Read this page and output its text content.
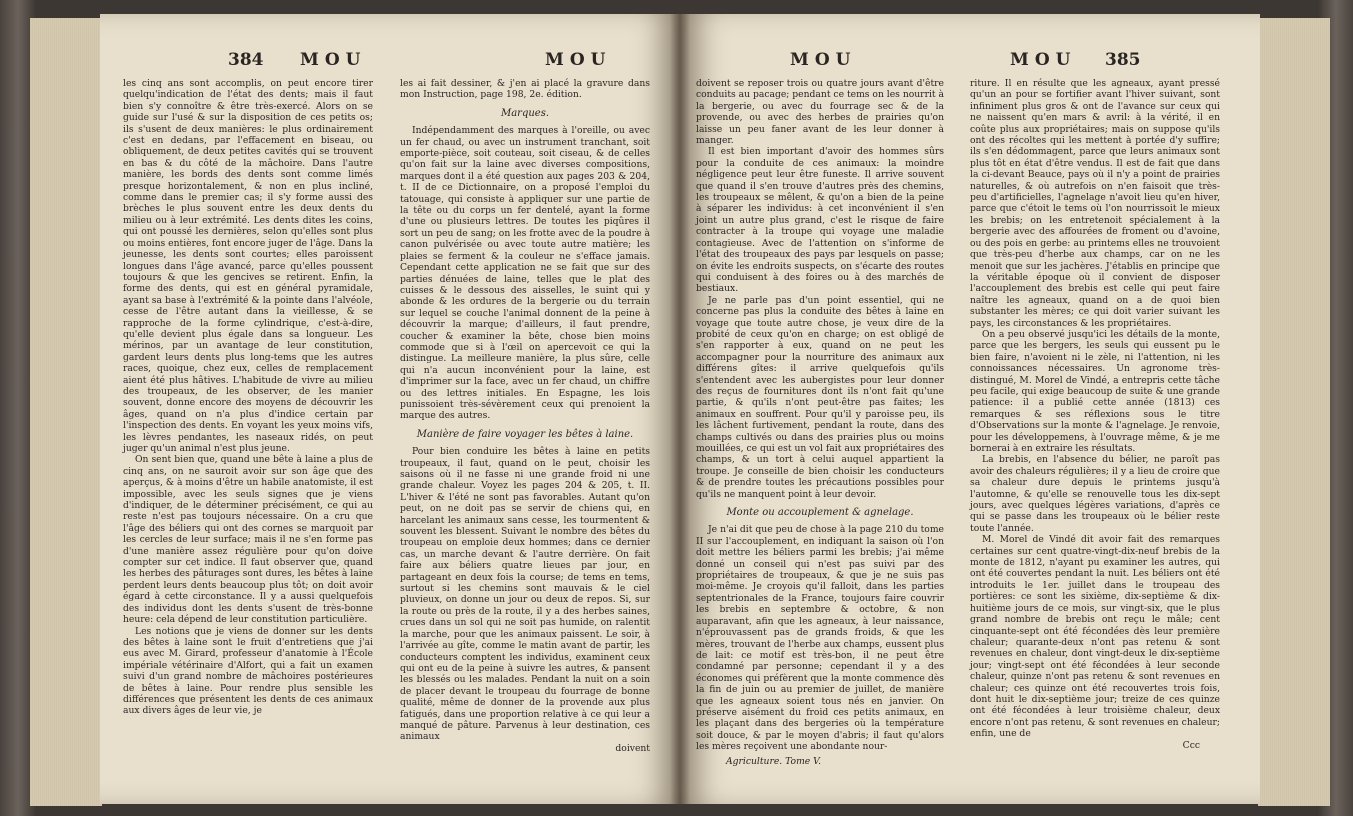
384 MOU	MOU

les cinq ans sont accomplis, on peut encore tirer quelqu'indication de l'état des dents; mais il faut bien s'y connoître & être très-exercé. Alors on se guide sur l'usé & sur la disposition de ces petits os; ils s'usent de deux manières: le plus ordinairement c'est en dedans, par l'effacement en biseau, ou obliquement, de deux petites cavités qui se trouvent en bas & du côté de la mâchoire. Dans l'autre manière, les bords des dents sont comme limés presque horizontalement, & non en plus incliné, comme dans le premier cas; il s'y forme aussi des brèches le plus souvent entre les deux dents du milieu ou à leur extrémité. Les dents dites les coins, qui ont poussé les dernières, selon qu'elles sont plus ou moins entières, font encore juger de l'âge. Dans la jeunesse, les dents sont courtes; elles paroissent longues dans l'âge avancé, parce qu'elles poussent toujours & que les gencives se retirent. Enfin, la forme des dents, qui est en général pyramidale, ayant sa base à l'extrémité & la pointe dans l'alvéole, cesse de l'être autant dans la vieillesse, & se rapproche de la forme cylindrique, c'est-à-dire, qu'elle devient plus égale dans sa longueur. Les mérinos, par un avantage de leur constitution, gardent leurs dents plus long-tems que les autres races, quoique, chez eux, celles de remplacement aient été plus hâtives. L'habitude de vivre au milieu des troupeaux, de les observer, de les manier souvent, donne encore des moyens de découvrir les âges, quand on n'a plus d'indice certain par l'inspection des dents. En voyant les yeux moins vifs, les lèvres pendantes, les naseaux ridés, on peut juger qu'un animal n'est plus jeune.

On sent bien que, quand une bête à laine a plus de cinq ans, on ne sauroit avoir sur son âge que des aperçus, & à moins d'être un habile anatomiste, il est impossible, avec les seuls signes que je viens d'indiquer, de le déterminer précisément, ce qui au reste n'est pas toujours nécessaire. On a cru que l'âge des béliers qui ont des cornes se marquoit par les cercles de leur surface; mais il ne s'en forme pas d'une manière assez régulière pour qu'on doive compter sur cet indice. Il faut observer que, quand les herbes des pâturages sont dures, les bêtes à laine perdent leurs dents beaucoup plus tôt; on doit avoir égard à cette circonstance. Il y a aussi quelquefois des individus dont les dents s'usent de très-bonne heure: cela dépend de leur constitution particulière.

Les notions que je viens de donner sur les dents des bêtes à laine sont le fruit d'entretiens que j'ai eus avec M. Girard, professeur d'anatomie à l'École impériale vétérinaire d'Alfort, qui a fait un examen suivi d'un grand nombre de mâchoires postérieures de bêtes à laine. Pour rendre plus sensible les différences que présentent les dents de ces animaux aux divers âges de leur vie, je

les ai fait dessiner, & j'en ai placé la gravure dans mon Instruction, page 198, 2e. édition.

Marques.

Indépendamment des marques à l'oreille, ou avec un fer chaud, ou avec un instrument tranchant, soit emporte-pièce, soit couteau, soit ciseau, & de celles qu'on fait sur la laine avec diverses compositions, marques dont il a été question aux pages 203 & 204, t. II de ce Dictionnaire, on a proposé l'emploi du tatouage, qui consiste à appliquer sur une partie de la tête ou du corps un fer dentelé, ayant la forme d'une ou plusieurs lettres. De toutes les piqûres il sort un peu de sang; on les frotte avec de la poudre à canon pulvérisée ou avec toute autre matière; les plaies se ferment & la couleur ne s'efface jamais. Cependant cette application ne se fait que sur des parties dénuées de laine, telles que le plat des cuisses & le dessous des aisselles, le suint qui y abonde & les ordures de la bergerie ou du terrain sur lequel se couche l'animal donnent de la peine à découvrir la marque; d'ailleurs, il faut prendre, coucher & examiner la bête, chose bien moins commode que si à l'œil on apercevoit ce qui la distingue. La meilleure manière, la plus sûre, celle qui n'a aucun inconvénient pour la laine, est d'imprimer sur la face, avec un fer chaud, un chiffre ou des lettres initiales. En Espagne, les lois punissoient très-sévèrement ceux qui prenoient la marque des autres.

Manière de faire voyager les bêtes à laine.

Pour bien conduire les bêtes à laine en petits troupeaux, il faut, quand on le peut, choisir les saisons où il ne fasse ni une grande froid ni une grande chaleur. Voyez les pages 204 & 205, t. II. L'hiver & l'été ne sont pas favorables. Autant qu'on peut, on ne doit pas se servir de chiens qui, en harcelant les animaux sans cesse, les tourmentent & souvent les blessent. Suivant le nombre des bêtes du troupeau on emploie deux hommes; dans ce dernier cas, un marche devant & l'autre derrière. On fait faire aux béliers quatre lieues par jour, en partageant en deux fois la course; de tems en tems, surtout si les chemins sont mauvais & le ciel pluvieux, on donne un jour ou deux de repos. Si, sur la route ou près de la route, il y a des herbes saines, crues dans un sol qui ne soit pas humide, on ralentit la marche, pour que les animaux paissent. Le soir, à l'arrivée au gîte, comme le matin avant de partir, les conducteurs comptent les individus, examinent ceux qui ont eu de la peine à suivre les autres, & pansent les blessés ou les malades. Pendant la nuit on a soin de placer devant le troupeau du fourrage de bonne qualité, même de donner de la provende aux plus fatigués, dans une proportion relative à ce qui leur a manqué de pâture. Parvenus à leur destination, ces animaux

doivent
MOU	MOU 385

doivent se reposer trois ou quatre jours avant d'être conduits au pacage; pendant ce tems on les nourrit à la bergerie, ou avec du fourrage sec & de la provende, ou avec des herbes de prairies qu'on laisse un peu faner avant de les leur donner à manger.

Il est bien important d'avoir des hommes sûrs pour la conduite de ces animaux: la moindre négligence peut leur être funeste. Il arrive souvent que quand il s'en trouve d'autres près des chemins, les troupeaux se mêlent, & qu'on a bien de la peine à séparer les individus: à cet inconvénient il s'en joint un autre plus grand, c'est le risque de faire contracter à la troupe qui voyage une maladie contagieuse. Avec de l'attention on s'informe de l'état des troupeaux des pays par lesquels on passe; on évite les endroits suspects, on s'écarte des routes qui conduisent à des foires ou à des marchés de bestiaux.

Je ne parle pas d'un point essentiel, qui ne concerne pas plus la conduite des bêtes à laine en voyage que toute autre chose, je veux dire de la probité de ceux qu'on en charge; on est obligé de s'en rapporter à eux, quand on ne peut les accompagner pour la nourriture des animaux aux différens gîtes: il arrive quelquefois qu'ils s'entendent avec les aubergistes pour leur donner des reçus de fournitures dont ils n'ont fait qu'une partie, & qu'ils n'ont peut-être pas faites; les animaux en souffrent. Pour qu'il y paroisse peu, ils les lâchent furtivement, pendant la route, dans des champs cultivés ou dans des prairies plus ou moins mouillées, ce qui est un vol fait aux propriétaires des champs, & un tort à celui auquel appartient la troupe. Je conseille de bien choisir les conducteurs & de prendre toutes les précautions possibles pour qu'ils ne manquent point à leur devoir.

Monte ou accouplement & agnelage.

Je n'ai dit que peu de chose à la page 210 du tome II sur l'accouplement, en indiquant la saison où l'on doit mettre les béliers parmi les brebis; j'ai même donné un conseil qui n'est pas suivi par des propriétaires de troupeaux, & que je ne suis pas moi-même. Je croyois qu'il falloit, dans les parties septentrionales de la France, toujours faire couvrir les brebis en septembre & octobre, & non auparavant, afin que les agneaux, à leur naissance, n'éprouvassent pas de grands froids, & que les mères, trouvant de l'herbe aux champs, eussent plus de lait: ce motif est très-bon, il ne peut être condamné par personne; cependant il y a des économes qui préfèrent que la monte commence dès la fin de juin ou au premier de juillet, de manière que les agneaux soient tous nés en janvier. On préserve aisément du froid ces petits animaux, en les plaçant dans des bergeries où la température soit douce, & par le moyen d'abris; il faut qu'alors les mères reçoivent une abondante nour-

Agriculture. Tome V.

riture. Il en résulte que les agneaux, ayant pressé qu'un an pour se fortifier avant l'hiver suivant, sont infiniment plus gros & ont de l'avance sur ceux qui ne naissent qu'en mars & avril: à la vérité, il en coûte plus aux propriétaires; mais on suppose qu'ils ont des récoltes qui les mettent à portée d'y suffire; ils s'en dédommagent, parce que leurs animaux sont plus tôt en état d'être vendus. Il est de fait que dans la ci-devant Beauce, pays où il n'y a point de prairies naturelles, & où autrefois on n'en faisoit que très-peu d'artificielles, l'agnelage n'avoit lieu qu'en hiver, parce que c'étoit le tems où l'on nourrissoit le mieux les brebis; on les entretenoit spécialement à la bergerie avec des affourées de froment ou d'avoine, ou des pois en gerbe: au printems elles ne trouvoient que très-peu d'herbe aux champs, car on ne les menoit que sur les jachères. J'établis en principe que la véritable époque où il convient de disposer l'accouplement des brebis est celle qui peut faire naître les agneaux, quand on a de quoi bien substanter les mères; ce qui doit varier suivant les pays, les circonstances & les propriétaires.

On a peu observé jusqu'ici les détails de la monte, parce que les bergers, les seuls qui eussent pu le bien faire, n'avoient ni le zèle, ni l'attention, ni les connoissances nécessaires. Un agronome très-distingué, M. Morel de Vindé, a entrepris cette tâche peu facile, qui exige beaucoup de suite & une grande patience: il a publié cette année (1813) ces remarques & ses réflexions sous le titre d'Observations sur la monte & l'agnelage. Je renvoie, pour les développemens, à l'ouvrage même, & je me bornerai à en extraire les résultats.

La brebis, en l'absence du bélier, ne paroît pas avoir des chaleurs régulières; il y a lieu de croire que sa chaleur dure depuis le printems jusqu'à l'automne, & qu'elle se renouvelle tous les dix-sept jours, avec quelques légères variations, d'après ce qui se passe dans les troupeaux où le bélier reste toute l'année.

M. Morel de Vindé dit avoir fait des remarques certaines sur cent quatre-vingt-dix-neuf brebis de la monte de 1812, n'ayant pu examiner les autres, qui ont été couvertes pendant la nuit. Les béliers ont été introduits le 1er. juillet dans le troupeau des portières: ce sont les sixième, dix-septième & dix-huitième jours de ce mois, sur vingt-six, que le plus grand nombre de brebis ont reçu le mâle; cent cinquante-sept ont été fécondées dès leur première chaleur; quarante-deux n'ont pas retenu & sont revenues en chaleur, dont vingt-deux le dix-septième jour; vingt-sept ont été fécondées à leur seconde chaleur, quinze n'ont pas retenu & sont revenues en chaleur; ces quinze ont été recouvertes trois fois, dont huit le dix-septième jour; treize de ces quinze ont été fécondées à leur troisième chaleur, deux encore n'ont pas retenu, & sont revenues en chaleur; enfin, une de

Ccc
